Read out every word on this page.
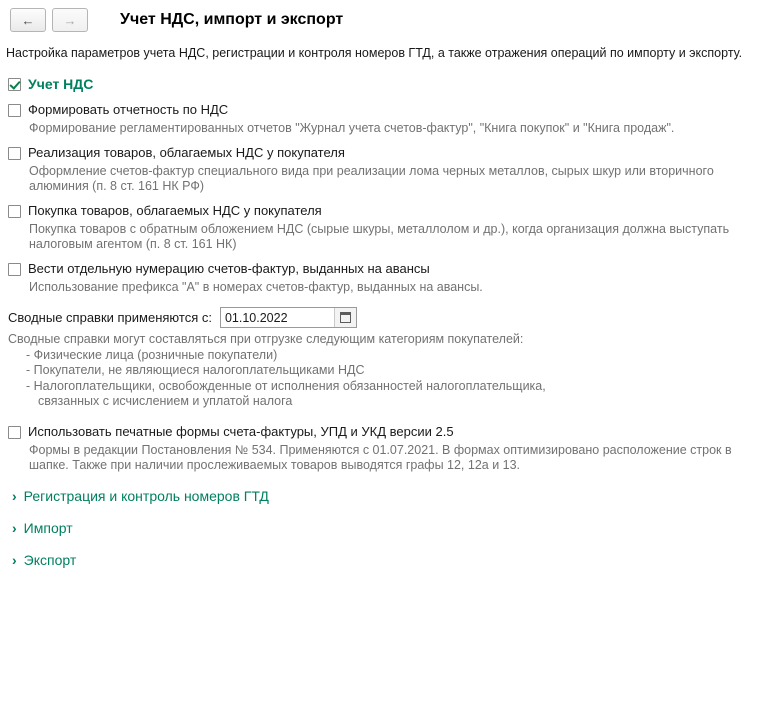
← →	Учет НДС, импорт и экспорт
Настройка параметров учета НДС, регистрации и контроля номеров ГТД, а также отражения операций по импорту и экспорту.
Учет НДС
Формировать отчетность по НДС
Формирование регламентированных отчетов "Журнал учета счетов-фактур", "Книга покупок" и "Книга продаж".
Реализация товаров, облагаемых НДС у покупателя
Оформление счетов-фактур специального вида при реализации лома черных металлов, сырых шкур или вторичного алюминия (п. 8 ст. 161 НК РФ)
Покупка товаров, облагаемых НДС у покупателя
Покупка товаров с обратным обложением НДС (сырые шкуры, металлолом и др.), когда организация должна выступать налоговым агентом (п. 8 ст. 161 НК)
Вести отдельную нумерацию счетов-фактур, выданных на авансы
Использование префикса "А" в номерах счетов-фактур, выданных на авансы.
Сводные справки применяются с:
01.10.2022
Сводные справки могут составляться при отгрузке следующим категориям покупателей:
- Физические лица (розничные покупатели)
- Покупатели, не являющиеся налогоплательщиками НДС
- Налогоплательщики, освобожденные от исполнения обязанностей налогоплательщика,
связанных с исчислением и уплатой налога
Использовать печатные формы счета-фактуры, УПД и УКД версии 2.5
Формы в редакции Постановления № 534. Применяются с 01.07.2021. В формах оптимизировано расположение строк в шапке. Также при наличии прослеживаемых товаров выводятся графы 12, 12а и 13.
› Регистрация и контроль номеров ГТД
› Импорт
› Экспорт
